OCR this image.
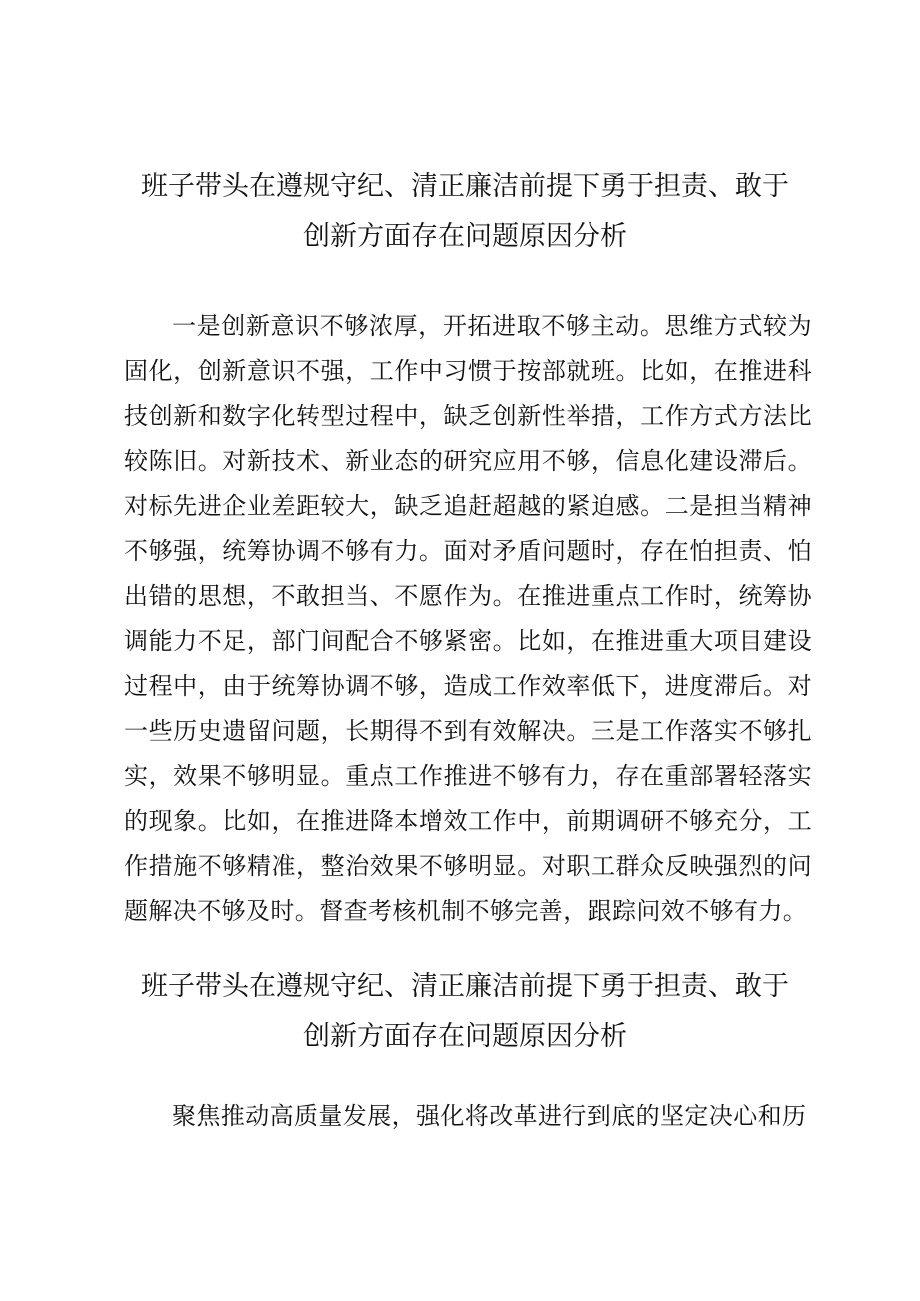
班子带头在遵规守纪、清正廉洁前提下勇于担责、敢于
创新方面存在问题原因分析

一是创新意识不够浓厚，开拓进取不够主动。思维方式较为固化，创新意识不强，工作中习惯于按部就班。比如，在推进科技创新和数字化转型过程中，缺乏创新性举措，工作方式方法比较陈旧。对新技术、新业态的研究应用不够，信息化建设滞后。对标先进企业差距较大，缺乏追赶超越的紧迫感。二是担当精神不够强，统筹协调不够有力。面对矛盾问题时，存在怕担责、怕出错的思想，不敢担当、不愿作为。在推进重点工作时，统筹协调能力不足，部门间配合不够紧密。比如，在推进重大项目建设过程中，由于统筹协调不够，造成工作效率低下，进度滞后。对一些历史遗留问题，长期得不到有效解决。三是工作落实不够扎实，效果不够明显。重点工作推进不够有力，存在重部署轻落实的现象。比如，在推进降本增效工作中，前期调研不够充分，工作措施不够精准，整治效果不够明显。对职工群众反映强烈的问题解决不够及时。督查考核机制不够完善，跟踪问效不够有力。

班子带头在遵规守纪、清正廉洁前提下勇于担责、敢于
创新方面存在问题原因分析

聚焦推动高质量发展，强化将改革进行到底的坚定决心和历
